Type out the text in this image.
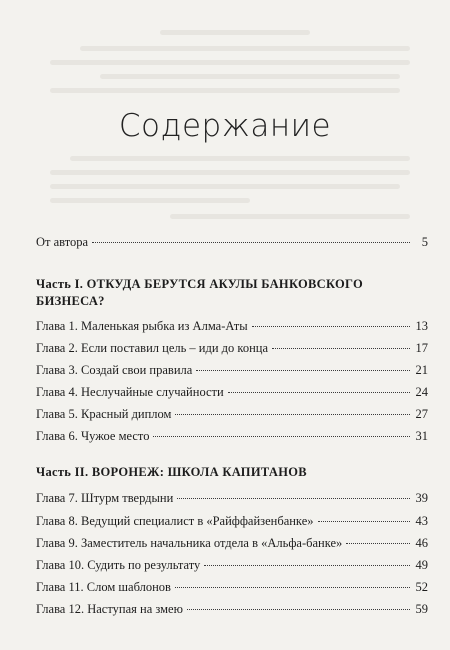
Содержание
От автора	5
Часть I. ОТКУДА БЕРУТСЯ АКУЛЫ БАНКОВСКОГО БИЗНЕСА?
Глава 1. Маленькая рыбка из Алма-Аты	13
Глава 2. Если поставил цель – иди до конца	17
Глава 3. Создай свои правила	21
Глава 4. Неслучайные случайности	24
Глава 5. Красный диплом	27
Глава 6. Чужое место	31
Часть II. ВОРОНЕЖ: ШКОЛА КАПИТАНОВ
Глава 7. Штурм твердыни	39
Глава 8. Ведущий специалист в «Райффайзенбанке»	43
Глава 9. Заместитель начальника отдела в «Альфа-банке»	46
Глава 10. Судить по результату	49
Глава 11. Слом шаблонов	52
Глава 12. Наступая на змею	59
